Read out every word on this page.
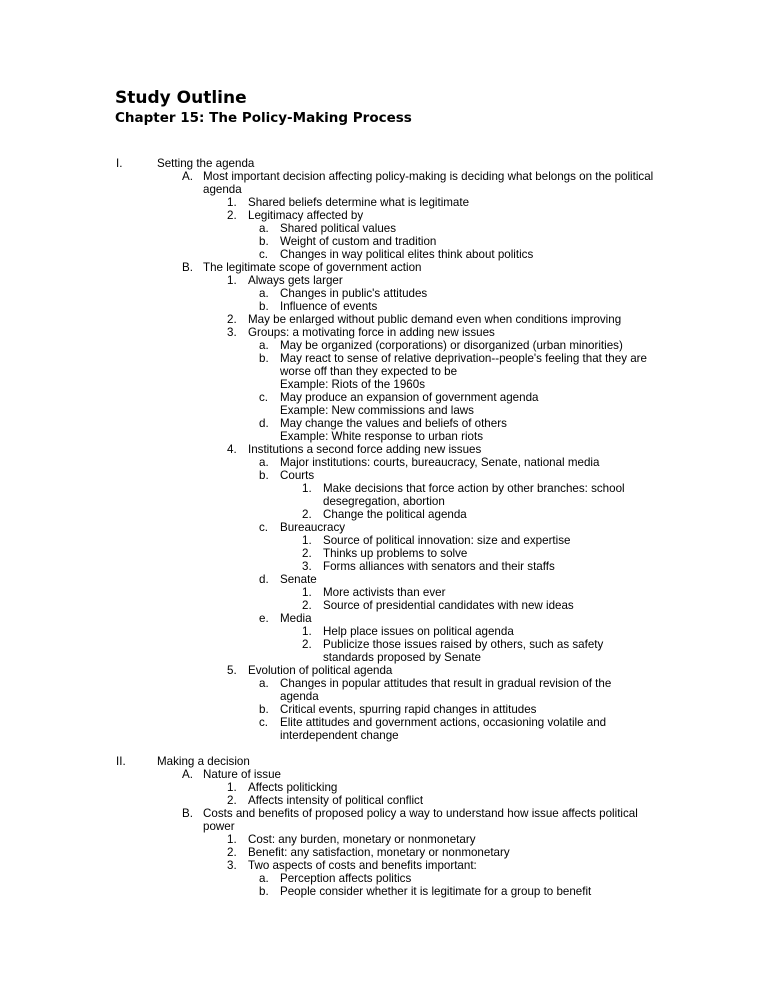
Study Outline
Chapter 15: The Policy-Making Process
I.	Setting the agenda
A. Most important decision affecting policy-making is deciding what belongs on the political
agenda
1. Shared beliefs determine what is legitimate
2. Legitimacy affected by
a. Shared political values
b. Weight of custom and tradition
c. Changes in way political elites think about politics
B. The legitimate scope of government action
1. Always gets larger
a. Changes in public's attitudes
b. Influence of events
2. May be enlarged without public demand even when conditions improving
3. Groups: a motivating force in adding new issues
a. May be organized (corporations) or disorganized (urban minorities)
b. May react to sense of relative deprivation--people's feeling that they are
worse off than they expected to be
Example: Riots of the 1960s
c. May produce an expansion of government agenda
Example: New commissions and laws
d. May change the values and beliefs of others
Example: White response to urban riots
4. Institutions a second force adding new issues
a. Major institutions: courts, bureaucracy, Senate, national media
b. Courts
1. Make decisions that force action by other branches: school
desegregation, abortion
2. Change the political agenda
c. Bureaucracy
1. Source of political innovation: size and expertise
2. Thinks up problems to solve
3. Forms alliances with senators and their staffs
d. Senate
1. More activists than ever
2. Source of presidential candidates with new ideas
e. Media
1. Help place issues on political agenda
2. Publicize those issues raised by others, such as safety
standards proposed by Senate
5. Evolution of political agenda
a. Changes in popular attitudes that result in gradual revision of the
agenda
b. Critical events, spurring rapid changes in attitudes
c. Elite attitudes and government actions, occasioning volatile and
interdependent change
II.	Making a decision
A. Nature of issue
1. Affects politicking
2. Affects intensity of political conflict
B. Costs and benefits of proposed policy a way to understand how issue affects political
power
1. Cost: any burden, monetary or nonmonetary
2. Benefit: any satisfaction, monetary or nonmonetary
3. Two aspects of costs and benefits important:
a. Perception affects politics
b. People consider whether it is legitimate for a group to benefit
